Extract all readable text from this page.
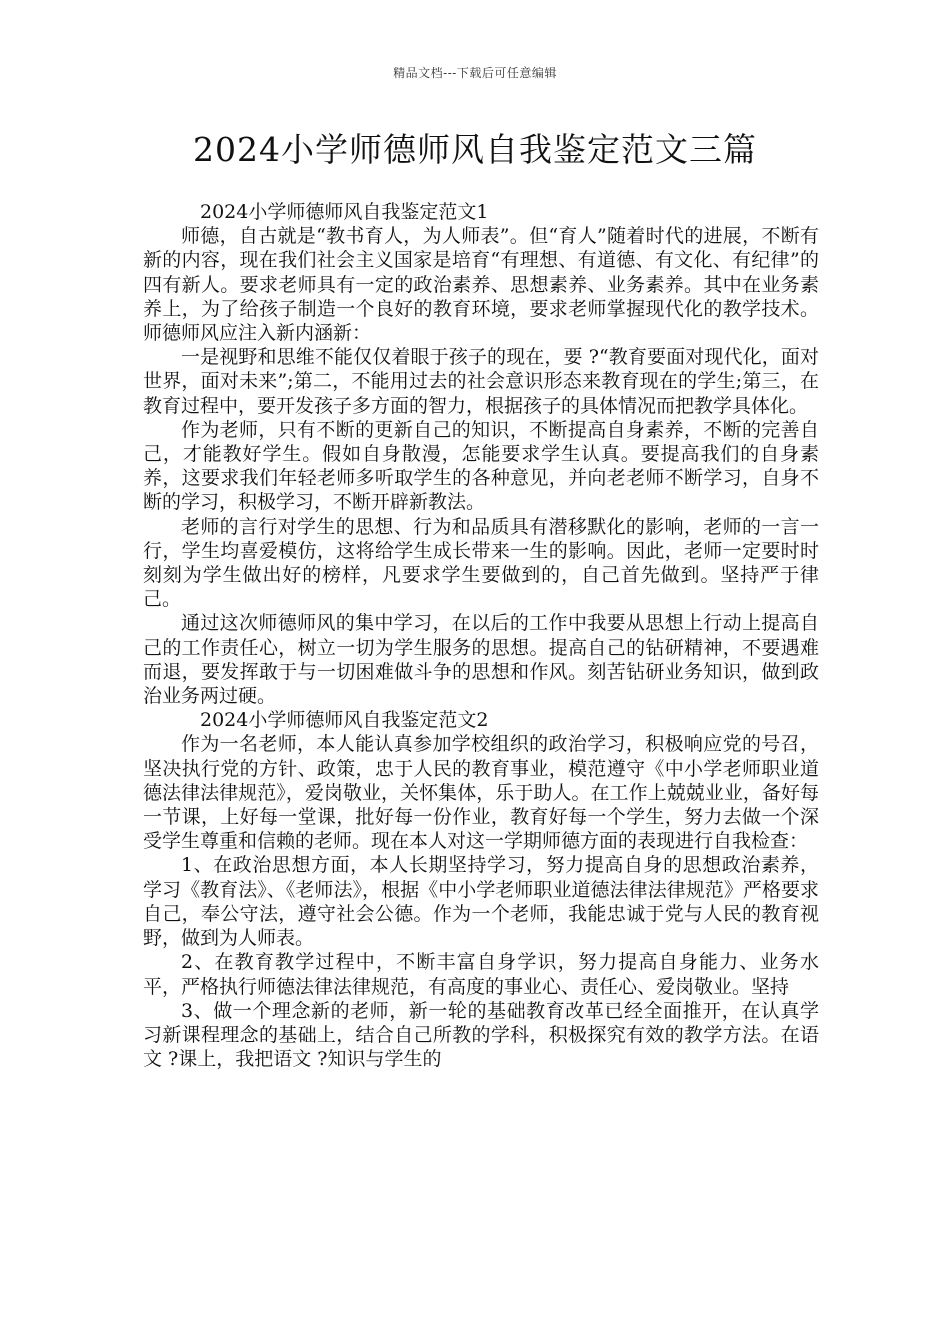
精品文档---下载后可任意编辑
2024小学师德师风自我鉴定范文三篇

2024小学师德师风自我鉴定范文1

师德，自古就是“教书育人，为人师表”。但“育人”随着时代的进展，不断有新的内容，现在我们社会主义国家是培育“有理想、有道德、有文化、有纪律”的四有新人。要求老师具有一定的政治素养、思想素养、业务素养。其中在业务素养上，为了给孩子制造一个良好的教育环境，要求老师掌握现代化的教学技术。师德师风应注入新内涵新：

一是视野和思维不能仅仅着眼于孩子的现在，要 ?“教育要面对现代化，面对世界，面对未来”;第二，不能用过去的社会意识形态来教育现在的学生;第三，在教育过程中，要开发孩子多方面的智力，根据孩子的具体情况而把教学具体化。

作为老师，只有不断的更新自己的知识，不断提高自身素养，不断的完善自己，才能教好学生。假如自身散漫，怎能要求学生认真。要提高我们的自身素养，这要求我们年轻老师多听取学生的各种意见，并向老老师不断学习，自身不断的学习，积极学习，不断开辟新教法。

老师的言行对学生的思想、行为和品质具有潜移默化的影响，老师的一言一行，学生均喜爱模仿，这将给学生成长带来一生的影响。因此，老师一定要时时刻刻为学生做出好的榜样，凡要求学生要做到的，自己首先做到。坚持严于律己。

通过这次师德师风的集中学习，在以后的工作中我要从思想上行动上提高自己的工作责任心，树立一切为学生服务的思想。提高自己的钻研精神，不要遇难而退，要发挥敢于与一切困难做斗争的思想和作风。刻苦钻研业务知识，做到政治业务两过硬。

2024小学师德师风自我鉴定范文2

作为一名老师，本人能认真参加学校组织的政治学习，积极响应党的号召，坚决执行党的方针、政策，忠于人民的教育事业，模范遵守《中小学老师职业道德法律法律规范》，爱岗敬业，关怀集体，乐于助人。在工作上兢兢业业，备好每一节课，上好每一堂课，批好每一份作业，教育好每一个学生，努力去做一个深受学生尊重和信赖的老师。现在本人对这一学期师德方面的表现进行自我检查：

1、在政治思想方面，本人长期坚持学习，努力提高自身的思想政治素养，学习《教育法》、《老师法》，根据《中小学老师职业道德法律法律规范》严格要求自己，奉公守法，遵守社会公德。作为一个老师，我能忠诚于党与人民的教育视野，做到为人师表。

2、在教育教学过程中，不断丰富自身学识，努力提高自身能力、业务水平，严格执行师德法律法律规范，有高度的事业心、责任心、爱岗敬业。坚持

3、做一个理念新的老师，新一轮的基础教育改革已经全面推开，在认真学习新课程理念的基础上，结合自己所教的学科，积极探究有效的教学方法。在语文 ?课上，我把语文 ?知识与学生的
